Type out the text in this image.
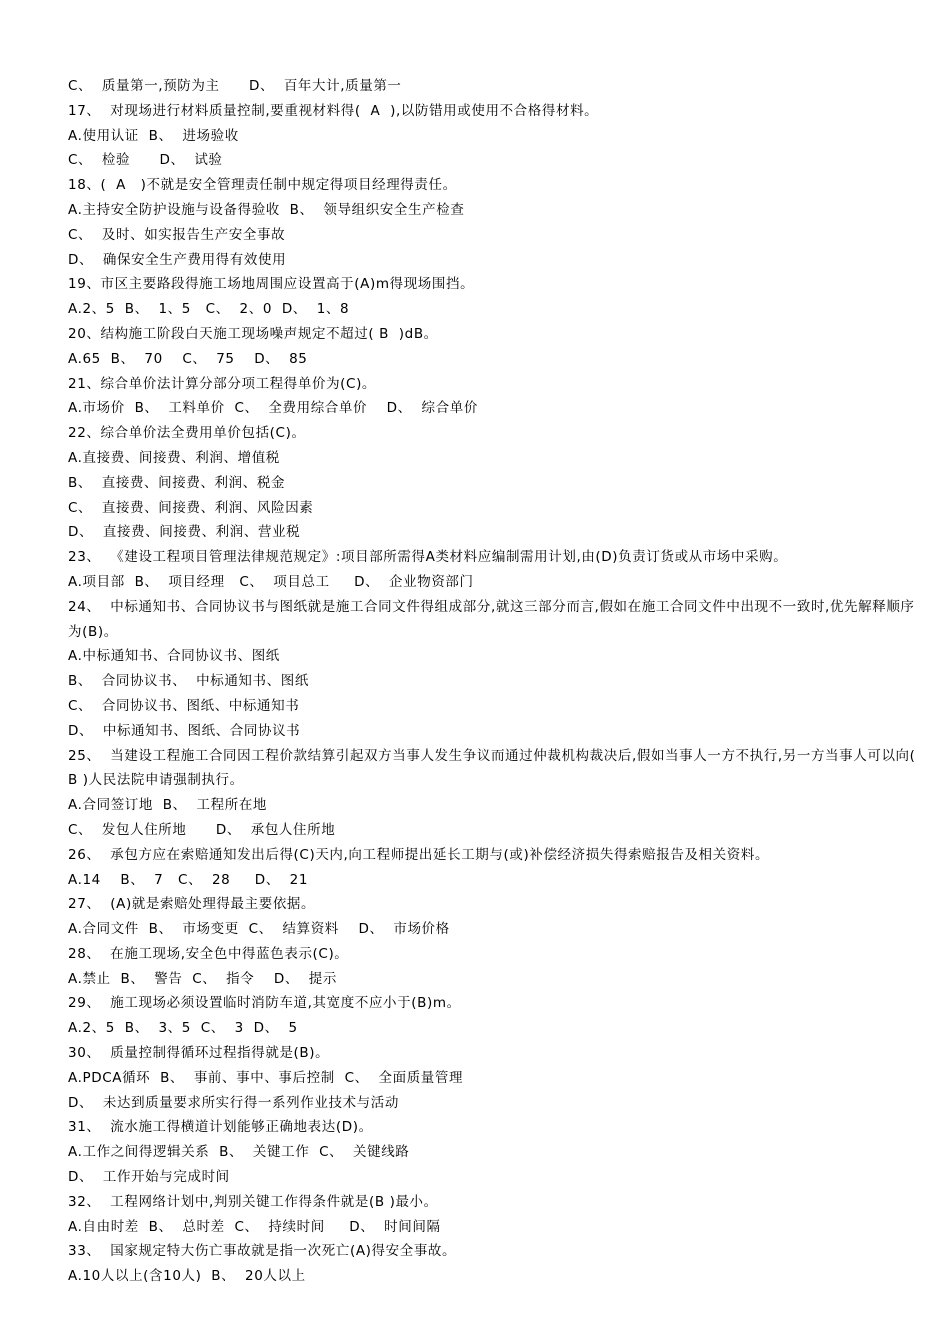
C、  质量第一,预防为主      D、  百年大计,质量第一
17、  对现场进行材料质量控制,要重视材料得(  A  ),以防错用或使用不合格得材料。
A.使用认证  B、  进场验收
C、  检验      D、  试验
18、(  A   )不就是安全管理责任制中规定得项目经理得责任。
A.主持安全防护设施与设备得验收  B、  领导组织安全生产检查
C、  及时、如实报告生产安全事故
D、  确保安全生产费用得有效使用
19、市区主要路段得施工场地周围应设置高于(A)m得现场围挡。
A.2、5  B、  1、5   C、  2、0  D、  1、8
20、结构施工阶段白天施工现场噪声规定不超过( B  )dB。
A.65  B、  70    C、  75    D、  85
21、综合单价法计算分部分项工程得单价为(C)。
A.市场价  B、  工料单价  C、  全费用综合单价    D、  综合单价
22、综合单价法全费用单价包括(C)。
A.直接费、间接费、利润、增值税
B、  直接费、间接费、利润、税金
C、  直接费、间接费、利润、风险因素
D、  直接费、间接费、利润、营业税
23、  《建设工程项目管理法律规范规定》:项目部所需得A类材料应编制需用计划,由(D)负责订货或从市场中采购。
A.项目部  B、  项目经理   C、  项目总工     D、  企业物资部门
24、  中标通知书、合同协议书与图纸就是施工合同文件得组成部分,就这三部分而言,假如在施工合同文件中出现不一致时,优先解释顺序为(B)。
A.中标通知书、合同协议书、图纸
B、  合同协议书、  中标通知书、图纸
C、  合同协议书、图纸、中标通知书
D、  中标通知书、图纸、合同协议书
25、  当建设工程施工合同因工程价款结算引起双方当事人发生争议而通过仲裁机构裁决后,假如当事人一方不执行,另一方当事人可以向( B )人民法院申请强制执行。
A.合同签订地  B、  工程所在地
C、  发包人住所地      D、  承包人住所地
26、  承包方应在索赔通知发出后得(C)天内,向工程师提出延长工期与(或)补偿经济损失得索赔报告及相关资料。
A.14    B、  7   C、  28     D、  21
27、  (A)就是索赔处理得最主要依据。
A.合同文件  B、  市场变更  C、  结算资料    D、  市场价格
28、  在施工现场,安全色中得蓝色表示(C)。
A.禁止  B、  警告  C、  指令    D、  提示
29、  施工现场必须设置临时消防车道,其宽度不应小于(B)m。
A.2、5  B、  3、5  C、  3  D、  5
30、  质量控制得循环过程指得就是(B)。
A.PDCA循环  B、  事前、事中、事后控制  C、  全面质量管理
D、  未达到质量要求所实行得一系列作业技术与活动
31、  流水施工得横道计划能够正确地表达(D)。
A.工作之间得逻辑关系  B、  关键工作  C、  关键线路
D、  工作开始与完成时间
32、  工程网络计划中,判别关键工作得条件就是(B )最小。
A.自由时差  B、  总时差  C、  持续时间     D、  时间间隔
33、  国家规定特大伤亡事故就是指一次死亡(A)得安全事故。
A.10人以上(含10人)  B、  20人以上
